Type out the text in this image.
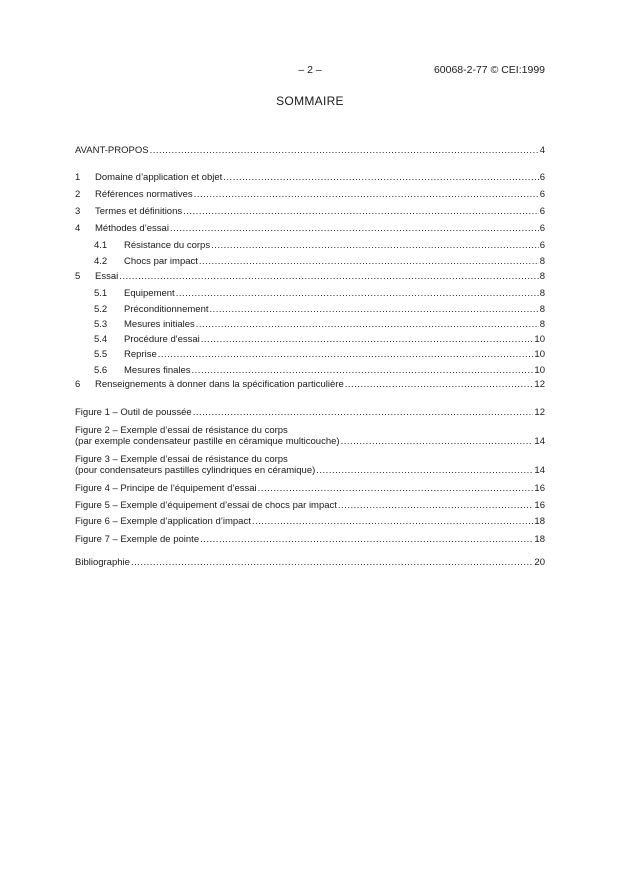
– 2 –	60068-2-77 © CEI:1999
SOMMAIRE
AVANT-PROPOS .....	4
1	Domaine d’application et objet .....	6
2	Références normatives .....	6
3	Termes et définitions .....	6
4	Méthodes d’essai .....	6
4.1	Résistance du corps .....	6
4.2	Chocs par impact .....	8
5	Essai .....	8
5.1	Equipement .....	8
5.2	Préconditionnement .....	8
5.3	Mesures initiales .....	8
5.4	Procédure d'essai .....	10
5.5	Reprise .....	10
5.6	Mesures finales .....	10
6	Renseignements à donner dans la spécification particulière .....	12
Figure 1 – Outil de poussée .....	12
Figure 2 – Exemple d’essai de résistance du corps
(par exemple condensateur pastille en céramique multicouche) .....	14
Figure 3 – Exemple d’essai de résistance du corps
(pour condensateurs pastilles cylindriques en céramique) .....	14
Figure 4 – Principe de l’équipement d’essai .....	16
Figure 5 – Exemple d’équipement d’essai de chocs par impact .....	16
Figure 6 – Exemple d’application d’impact .....	18
Figure 7 – Exemple de pointe .....	18
Bibliographie .....	20
